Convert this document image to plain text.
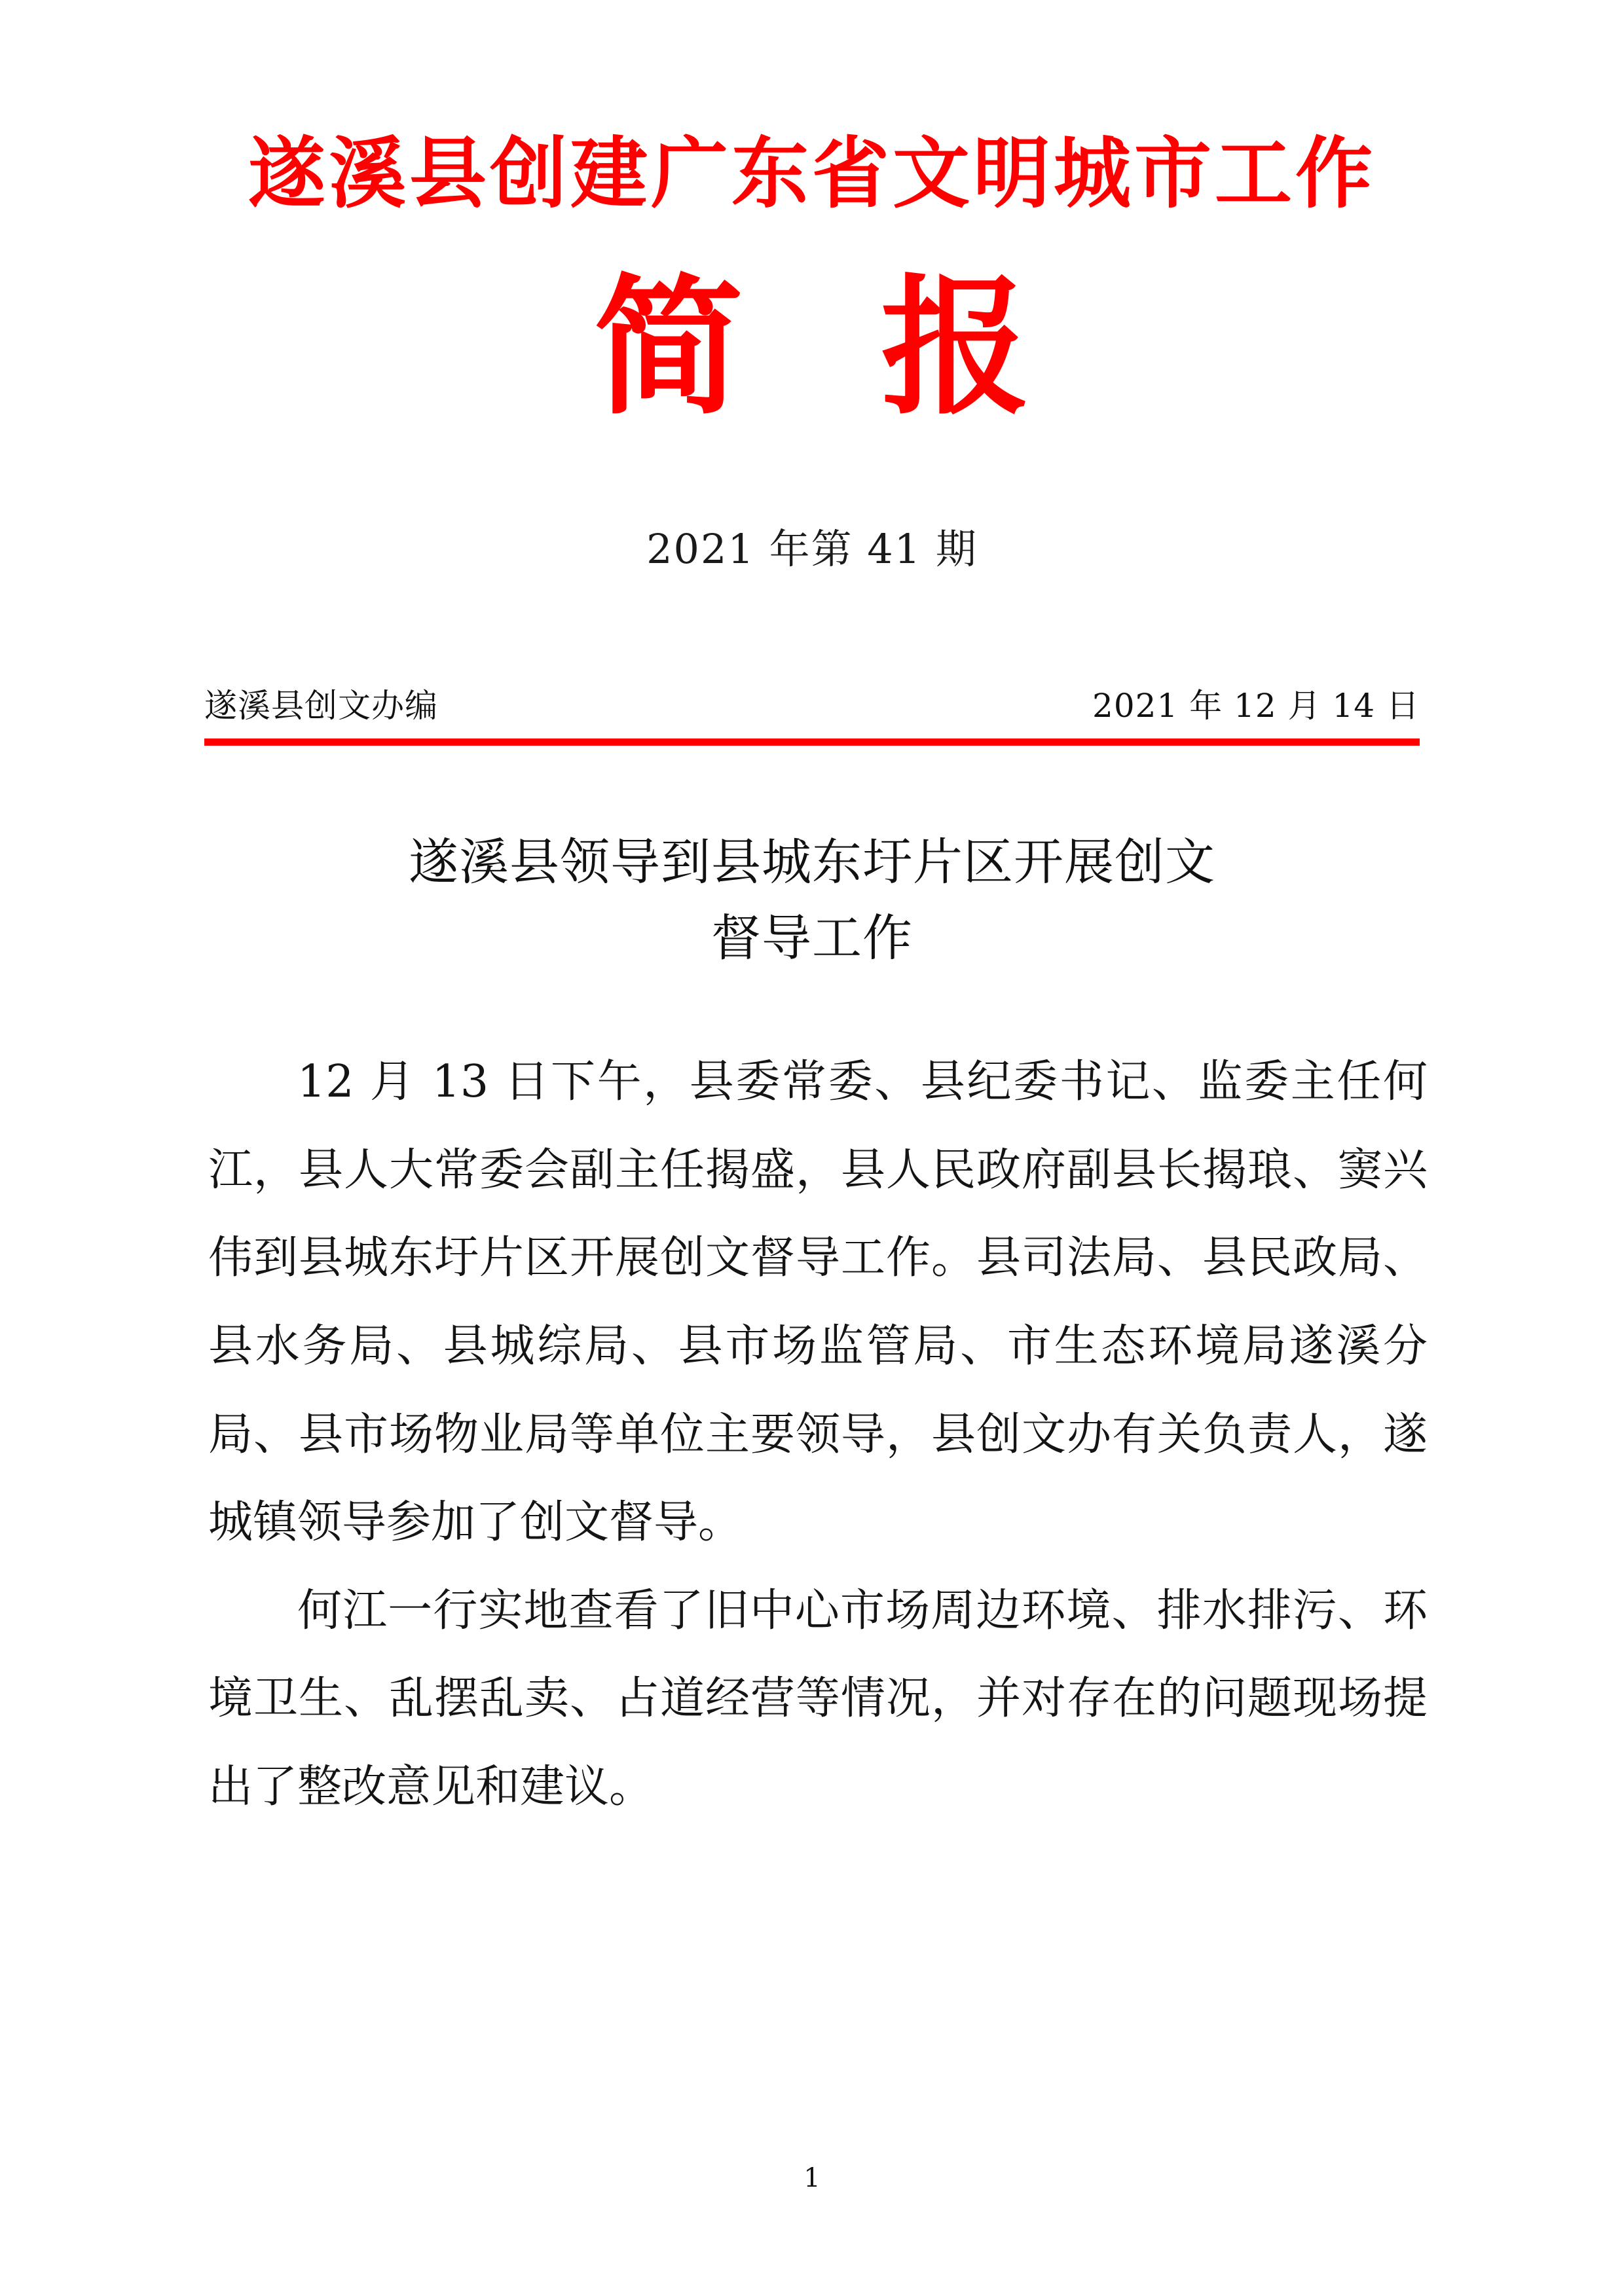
遂溪县创建广东省文明城市工作
简 报
2021 年第 41 期
遂溪县创文办编	2021 年 12 月 14 日
遂溪县领导到县城东圩片区开展创文
督导工作

12 月 13 日下午，县委常委、县纪委书记、监委主任何江，县人大常委会副主任揭盛，县人民政府副县长揭琅、窦兴伟到县城东圩片区开展创文督导工作。县司法局、县民政局、县水务局、县城综局、县市场监管局、市生态环境局遂溪分局、县市场物业局等单位主要领导，县创文办有关负责人，遂城镇领导参加了创文督导。

何江一行实地查看了旧中心市场周边环境、排水排污、环境卫生、乱摆乱卖、占道经营等情况，并对存在的问题现场提出了整改意见和建议。

1
